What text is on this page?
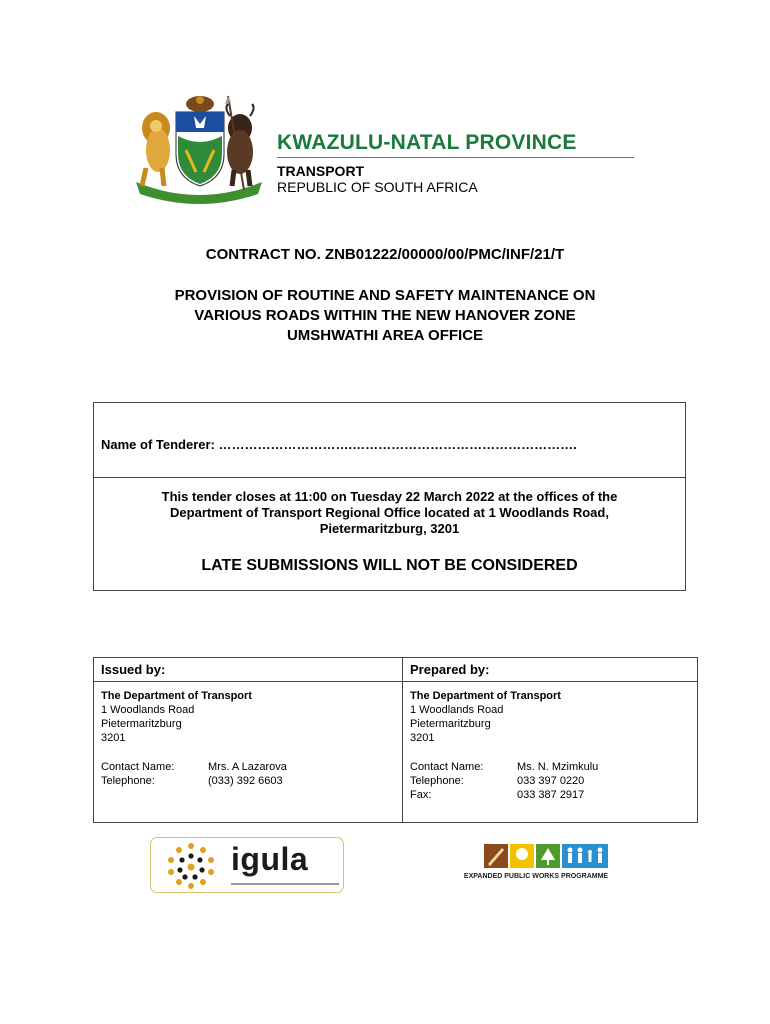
KWAZULU-NATAL PROVINCE
TRANSPORT
REPUBLIC OF SOUTH AFRICA
CONTRACT NO. ZNB01222/00000/00/PMC/INF/21/T
PROVISION OF ROUTINE AND SAFETY MAINTENANCE ON
VARIOUS ROADS WITHIN THE NEW HANOVER ZONE
UMSHWATHI AREA OFFICE
Name of Tenderer: ………………………….…………………………………………….
This tender closes at 11:00 on Tuesday 22 March 2022 at the offices of the
Department of Transport Regional Office located at 1 Woodlands Road,
Pietermaritzburg, 3201
LATE SUBMISSIONS WILL NOT BE CONSIDERED
Issued by:
The Department of Transport
1 Woodlands Road
Pietermaritzburg
3201
Contact Name:	Mrs. A Lazarova
Telephone:	(033) 392 6603
Prepared by:
The Department of Transport
1 Woodlands Road
Pietermaritzburg
3201
Contact Name:	Ms. N. Mzimkulu
Telephone:	033 397 0220
Fax:	033 387 2917
igula	EXPANDED PUBLIC WORKS PROGRAMME
